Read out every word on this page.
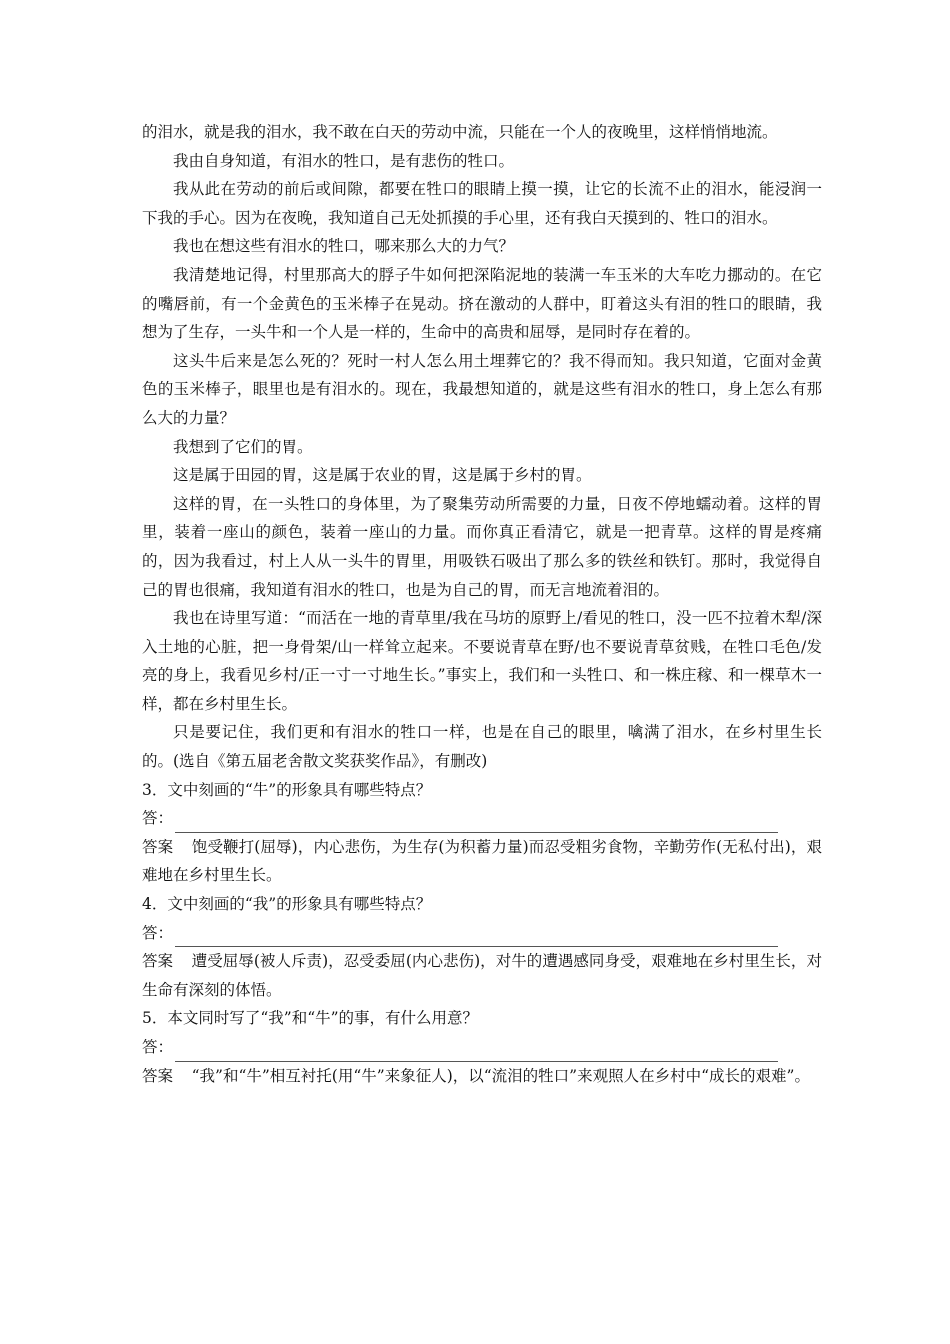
的泪水，就是我的泪水，我不敢在白天的劳动中流，只能在一个人的夜晚里，这样悄悄地流。

我由自身知道，有泪水的牲口，是有悲伤的牲口。

我从此在劳动的前后或间隙，都要在牲口的眼睛上摸一摸，让它的长流不止的泪水，能浸润一下我的手心。因为在夜晚，我知道自己无处抓摸的手心里，还有我白天摸到的、牲口的泪水。

我也在想这些有泪水的牲口，哪来那么大的力气？

我清楚地记得，村里那高大的脬子牛如何把深陷泥地的装满一车玉米的大车吃力挪动的。在它的嘴唇前，有一个金黄色的玉米棒子在晃动。挤在激动的人群中，盯着这头有泪的牲口的眼睛，我想为了生存，一头牛和一个人是一样的，生命中的高贵和屈辱，是同时存在着的。

这头牛后来是怎么死的？死时一村人怎么用土埋葬它的？我不得而知。我只知道，它面对金黄色的玉米棒子，眼里也是有泪水的。现在，我最想知道的，就是这些有泪水的牲口，身上怎么有那么大的力量？

我想到了它们的胃。

这是属于田园的胃，这是属于农业的胃，这是属于乡村的胃。

这样的胃，在一头牲口的身体里，为了聚集劳动所需要的力量，日夜不停地蠕动着。这样的胃里，装着一座山的颜色，装着一座山的力量。而你真正看清它，就是一把青草。这样的胃是疼痛的，因为我看过，村上人从一头牛的胃里，用吸铁石吸出了那么多的铁丝和铁钉。那时，我觉得自己的胃也很痛，我知道有泪水的牲口，也是为自己的胃，而无言地流着泪的。

我也在诗里写道：“而活在一地的青草里/我在马坊的原野上/看见的牲口，没一匹不拉着木犁/深入土地的心脏，把一身骨架/山一样耸立起来。不要说青草在野/也不要说青草贫贱，在牲口毛色/发亮的身上，我看见乡村/正一寸一寸地生长。”事实上，我们和一头牲口、和一株庄稼、和一棵草木一样，都在乡村里生长。

只是要记住，我们更和有泪水的牲口一样，也是在自己的眼里，噙满了泪水，在乡村里生长的。(选自《第五届老舍散文奖获奖作品》，有删改)

3．文中刻画的“牛”的形象具有哪些特点？

答：

答案 饱受鞭打(屈辱)，内心悲伤，为生存(为积蓄力量)而忍受粗劣食物，辛勤劳作(无私付出)，艰难地在乡村里生长。

4．文中刻画的“我”的形象具有哪些特点？

答：

答案 遭受屈辱(被人斥责)，忍受委屈(内心悲伤)，对牛的遭遇感同身受，艰难地在乡村里生长，对生命有深刻的体悟。

5．本文同时写了“我”和“牛”的事，有什么用意？

答：

答案 “我”和“牛”相互衬托(用“牛”来象征人)，以“流泪的牲口”来观照人在乡村中“成长的艰难”。
